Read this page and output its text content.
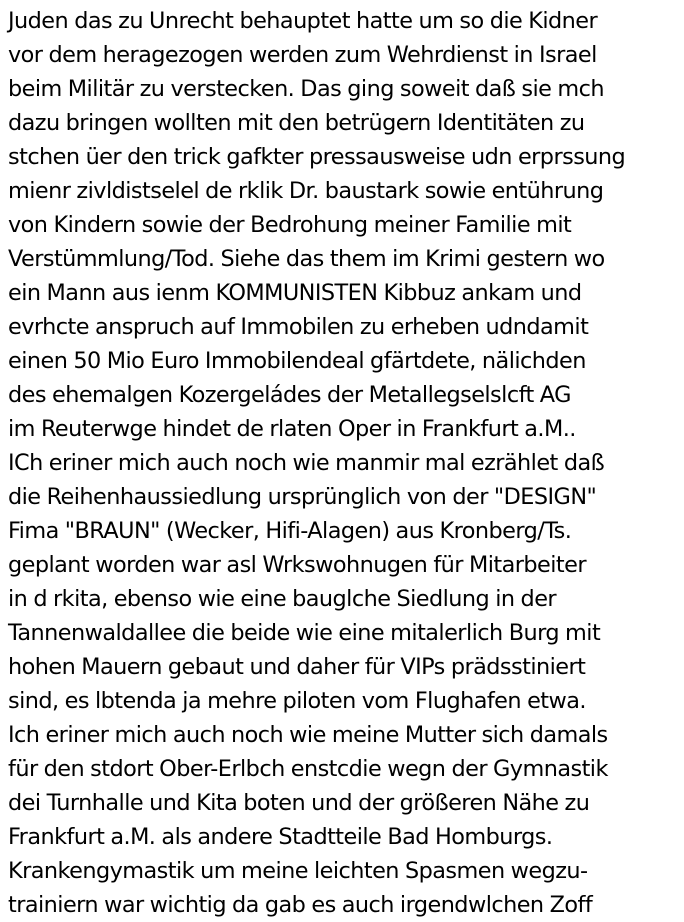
Juden das zu Unrecht behauptet hatte um so die Kidner
vor dem heragezogen werden zum Wehrdienst in Israel
beim Militär zu verstecken. Das ging soweit daß sie mch
dazu bringen wollten mit den betrügern Identitäten zu
stchen üer den trick gafkter pressausweise udn erprssung
mienr zivldistselel de rklik Dr. baustark sowie entührung
von Kindern sowie der Bedrohung meiner Familie mit
Verstümmlung/Tod. Siehe das them im Krimi gestern wo
ein Mann aus ienm KOMMUNISTEN Kibbuz ankam und
evrhcte anspruch auf Immobilen zu erheben udndamit
einen 50 Mio Euro Immobilendeal gfärtdete, nälichden
des ehemalgen Kozergeládes der Metallegselslcft AG
im Reuterwge hindet de rlaten Oper in Frankfurt a.M..
ICh eriner mich auch noch wie manmir mal ezrählet daß
die Reihenhaussiedlung ursprünglich von der "DESIGN"
Fima "BRAUN" (Wecker, Hifi-Alagen) aus Kronberg/Ts.
geplant worden war asl Wrkswohnugen für Mitarbeiter
in d rkita, ebenso wie eine bauglche Siedlung in der
Tannenwaldallee die beide wie eine mitalerlich Burg mit
hohen Mauern gebaut und daher für VIPs prädsstiniert
sind, es lbtenda ja mehre piloten vom Flughafen etwa.
Ich eriner mich auch noch wie meine Mutter sich damals
für den stdort Ober-Erlbch enstcdie wegn der Gymnastik
dei Turnhalle und Kita boten und der größeren Nähe zu
Frankfurt a.M. als andere Stadtteile Bad Homburgs.
Krankengymastik um meine leichten Spasmen wegzu-
trainiern war wichtig da gab es auch irgendwlchen Zoff
